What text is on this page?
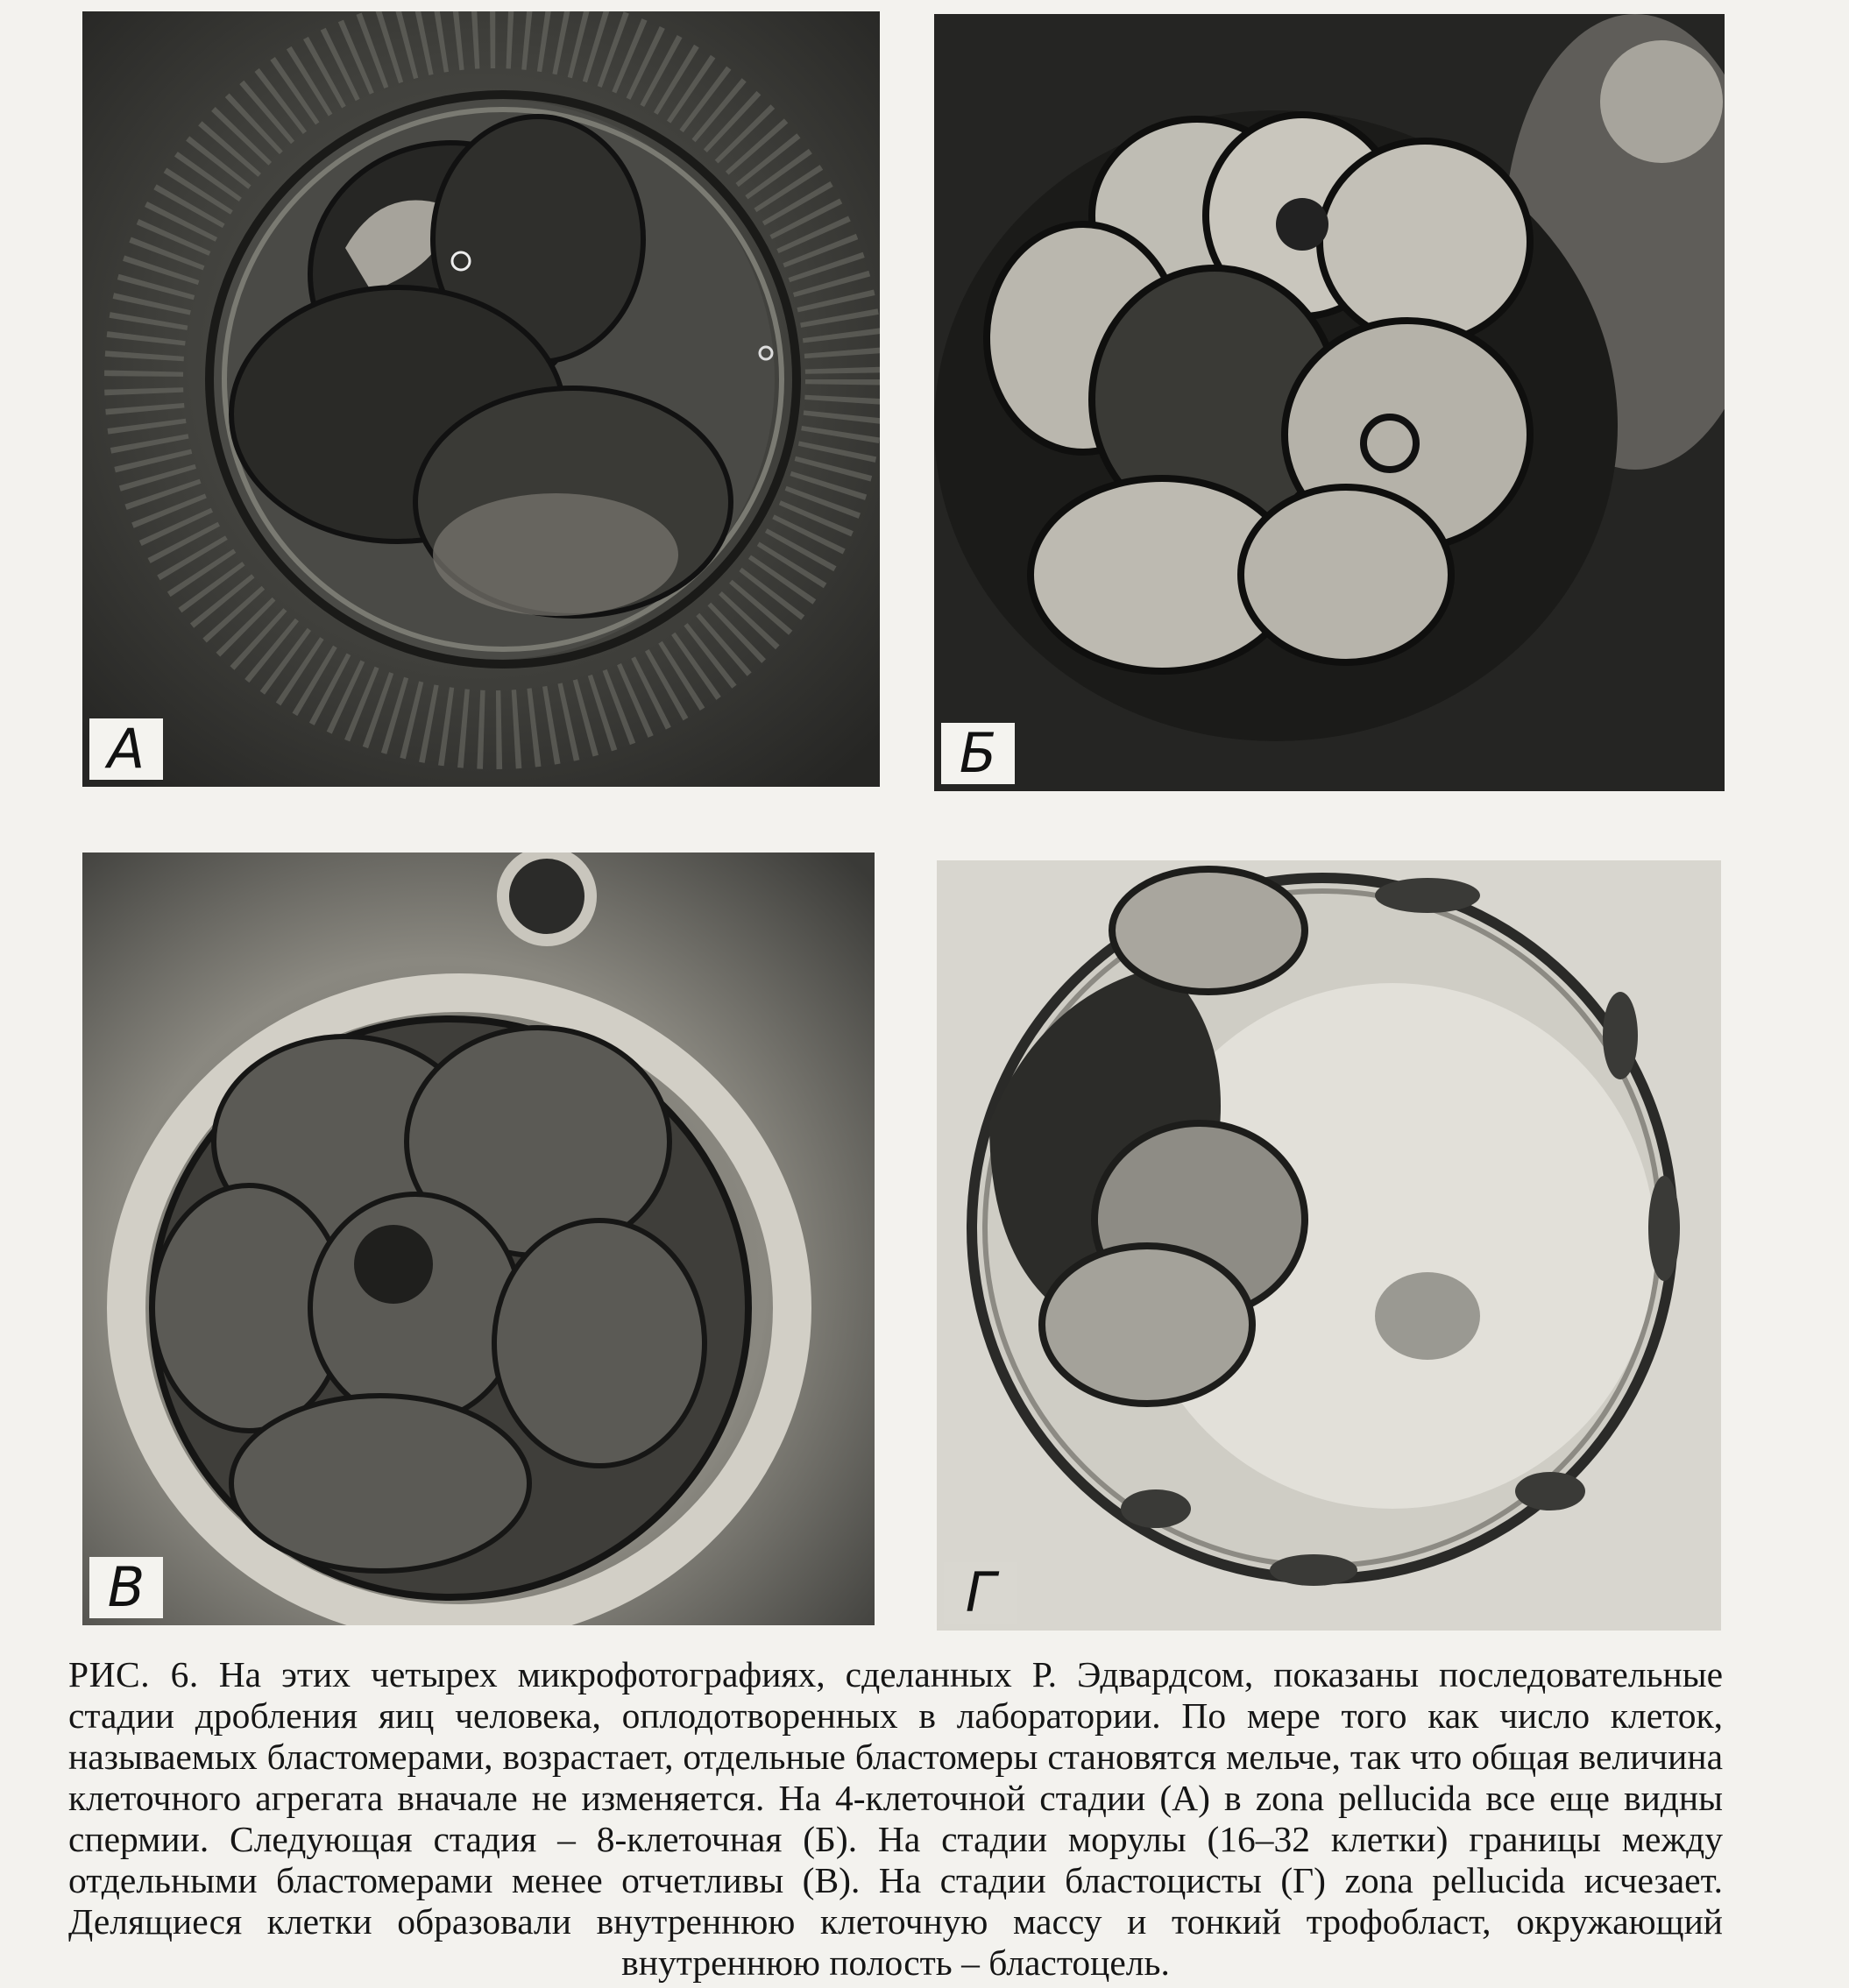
А	Б
В	Г
РИС. 6. На этих четырех микрофотографиях, сделанных Р. Эдвардсом, показаны последовательные стадии дробления яиц человека, оплодотворенных в лаборатории. По мере того как число клеток, называемых бластомерами, возрастает, отдельные бластомеры становятся мельче, так что общая величина клеточного агрегата вначале не изменяется. На 4-клеточной стадии (А) в zona pellucida все еще видны спермии. Следующая стадия – 8-клеточная (Б). На стадии морулы (16–32 клетки) границы между отдельными бластомерами менее отчетливы (В). На стадии бластоцисты (Г) zona pellucida исчезает. Делящиеся клетки образовали внутреннюю клеточную массу и тонкий трофобласт, окружающий внутреннюю полость – бластоцель.
